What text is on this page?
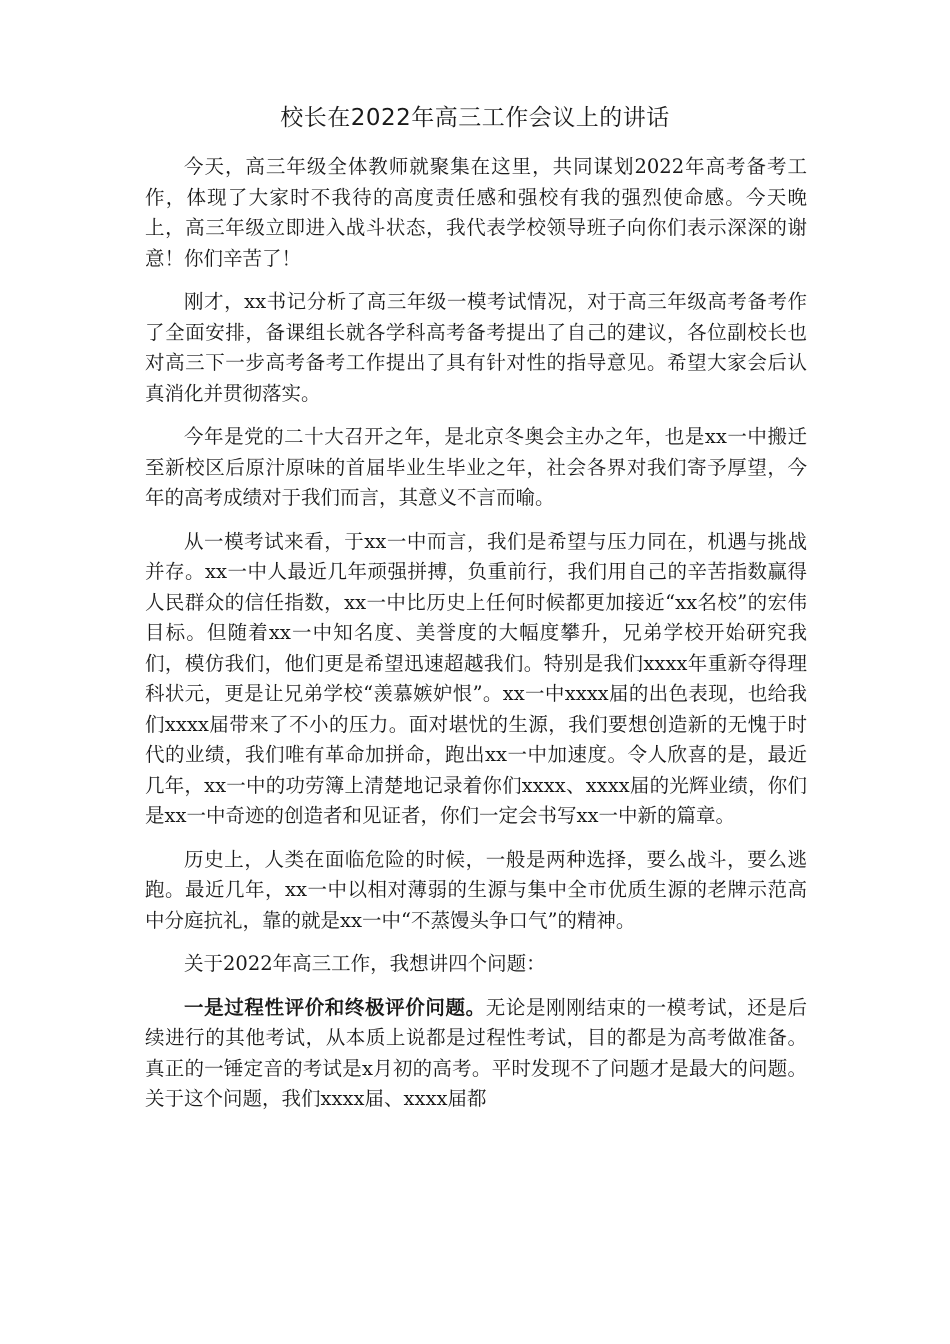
校长在2022年高三工作会议上的讲话

今天，高三年级全体教师就聚集在这里，共同谋划2022年高考备考工作，体现了大家时不我待的高度责任感和强校有我的强烈使命感。今天晚上，高三年级立即进入战斗状态，我代表学校领导班子向你们表示深深的谢意！你们辛苦了！

刚才，xx书记分析了高三年级一模考试情况，对于高三年级高考备考作了全面安排，备课组长就各学科高考备考提出了自己的建议，各位副校长也对高三下一步高考备考工作提出了具有针对性的指导意见。希望大家会后认真消化并贯彻落实。

今年是党的二十大召开之年，是北京冬奥会主办之年，也是xx一中搬迁至新校区后原汁原味的首届毕业生毕业之年，社会各界对我们寄予厚望，今年的高考成绩对于我们而言，其意义不言而喻。

从一模考试来看，于xx一中而言，我们是希望与压力同在，机遇与挑战并存。xx一中人最近几年顽强拼搏，负重前行，我们用自己的辛苦指数赢得人民群众的信任指数，xx一中比历史上任何时候都更加接近“xx名校”的宏伟目标。但随着xx一中知名度、美誉度的大幅度攀升，兄弟学校开始研究我们，模仿我们，他们更是希望迅速超越我们。特别是我们xxxx年重新夺得理科状元，更是让兄弟学校“羡慕嫉妒恨”。xx一中xxxx届的出色表现，也给我们xxxx届带来了不小的压力。面对堪忧的生源，我们要想创造新的无愧于时代的业绩，我们唯有革命加拼命，跑出xx一中加速度。令人欣喜的是，最近几年，xx一中的功劳簿上清楚地记录着你们xxxx、xxxx届的光辉业绩，你们是xx一中奇迹的创造者和见证者，你们一定会书写xx一中新的篇章。

历史上，人类在面临危险的时候，一般是两种选择，要么战斗，要么逃跑。最近几年，xx一中以相对薄弱的生源与集中全市优质生源的老牌示范高中分庭抗礼，靠的就是xx一中“不蒸馒头争口气”的精神。

关于2022年高三工作，我想讲四个问题：

一是过程性评价和终极评价问题。无论是刚刚结束的一模考试，还是后续进行的其他考试，从本质上说都是过程性考试，目的都是为高考做准备。真正的一锤定音的考试是x月初的高考。平时发现不了问题才是最大的问题。关于这个问题，我们xxxx届、xxxx届都
